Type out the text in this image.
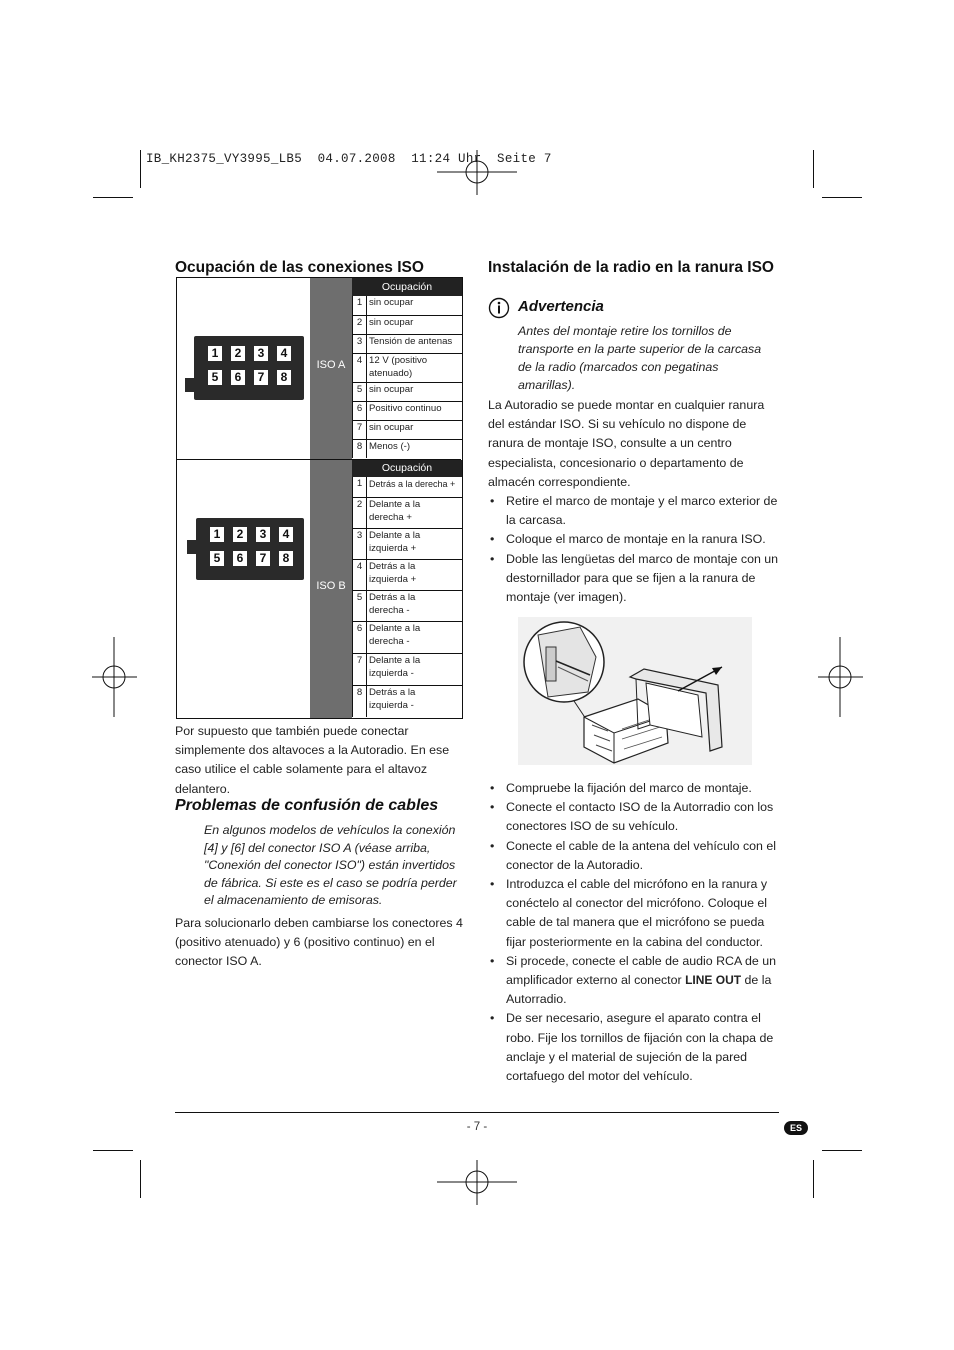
IB_KH2375_VY3995_LB5  04.07.2008  11:24 Uhr  Seite 7
Ocupación de las conexiones ISO
1	2	3	4
5	6	7	8
ISO A
Ocupación
1 sin ocupar
2 sin ocupar
3 Tensión de antenas
4 12 V (positivo atenuado)
5 sin ocupar
6 Positivo continuo
7 sin ocupar
8 Menos (-)
1	2	3	4
5	6	7	8
ISO B
Ocupación
1 Detrás a la derecha +
2 Delante a la derecha +
3 Delante a la izquierda +
4 Detrás a la izquierda +
5 Detrás a la derecha -
6 Delante a la derecha -
7 Delante a la izquierda -
8 Detrás a la izquierda -

Por supuesto que también puede conectar simplemente dos altavoces a la Autoradio. En ese caso utilice el cable solamente para el altavoz delantero.

Problemas de confusión de cables

En algunos modelos de vehículos la conexión [4] y [6] del conector ISO A (véase arriba, "Conexión del conector ISO") están invertidos de fábrica. Si este es el caso se podría perder el almacenamiento de emisoras.

Para solucionarlo deben cambiarse los conectores 4 (positivo atenuado) y 6 (positivo continuo) en el conector ISO A.

Instalación de la radio en la ranura ISO
Advertencia

Antes del montaje retire los tornillos de transporte en la parte superior de la carcasa de la radio (marcados con pegatinas amarillas).

La Autoradio se puede montar en cualquier ranura del estándar ISO. Si su vehículo no dispone de ranura de montaje ISO, consulte a un centro especialista, concesionario o departamento de almacén correspondiente.

• Retire el marco de montaje y el marco exterior de la carcasa.
• Coloque el marco de montaje en la ranura ISO.
• Doble las lengüetas del marco de montaje con un destornillador para que se fijen a la ranura de montaje (ver imagen).
• Compruebe la fijación del marco de montaje.
• Conecte el contacto ISO de la Autorradio con los conectores ISO de su vehículo.
• Conecte el cable de la antena del vehículo con el conector de la Autoradio.
• Introduzca el cable del micrófono en la ranura y conéctelo al conector del micrófono. Coloque el cable de tal manera que el micrófono se pueda fijar posteriormente en la cabina del conductor.
• Si procede, conecte el cable de audio RCA de un amplificador externo al conector LINE OUT de la Autorradio.
• De ser necesario, asegure el aparato contra el robo. Fije los tornillos de fijación con la chapa de anclaje y el material de sujeción de la pared cortafuego del motor del vehículo.
- 7 -	ES
